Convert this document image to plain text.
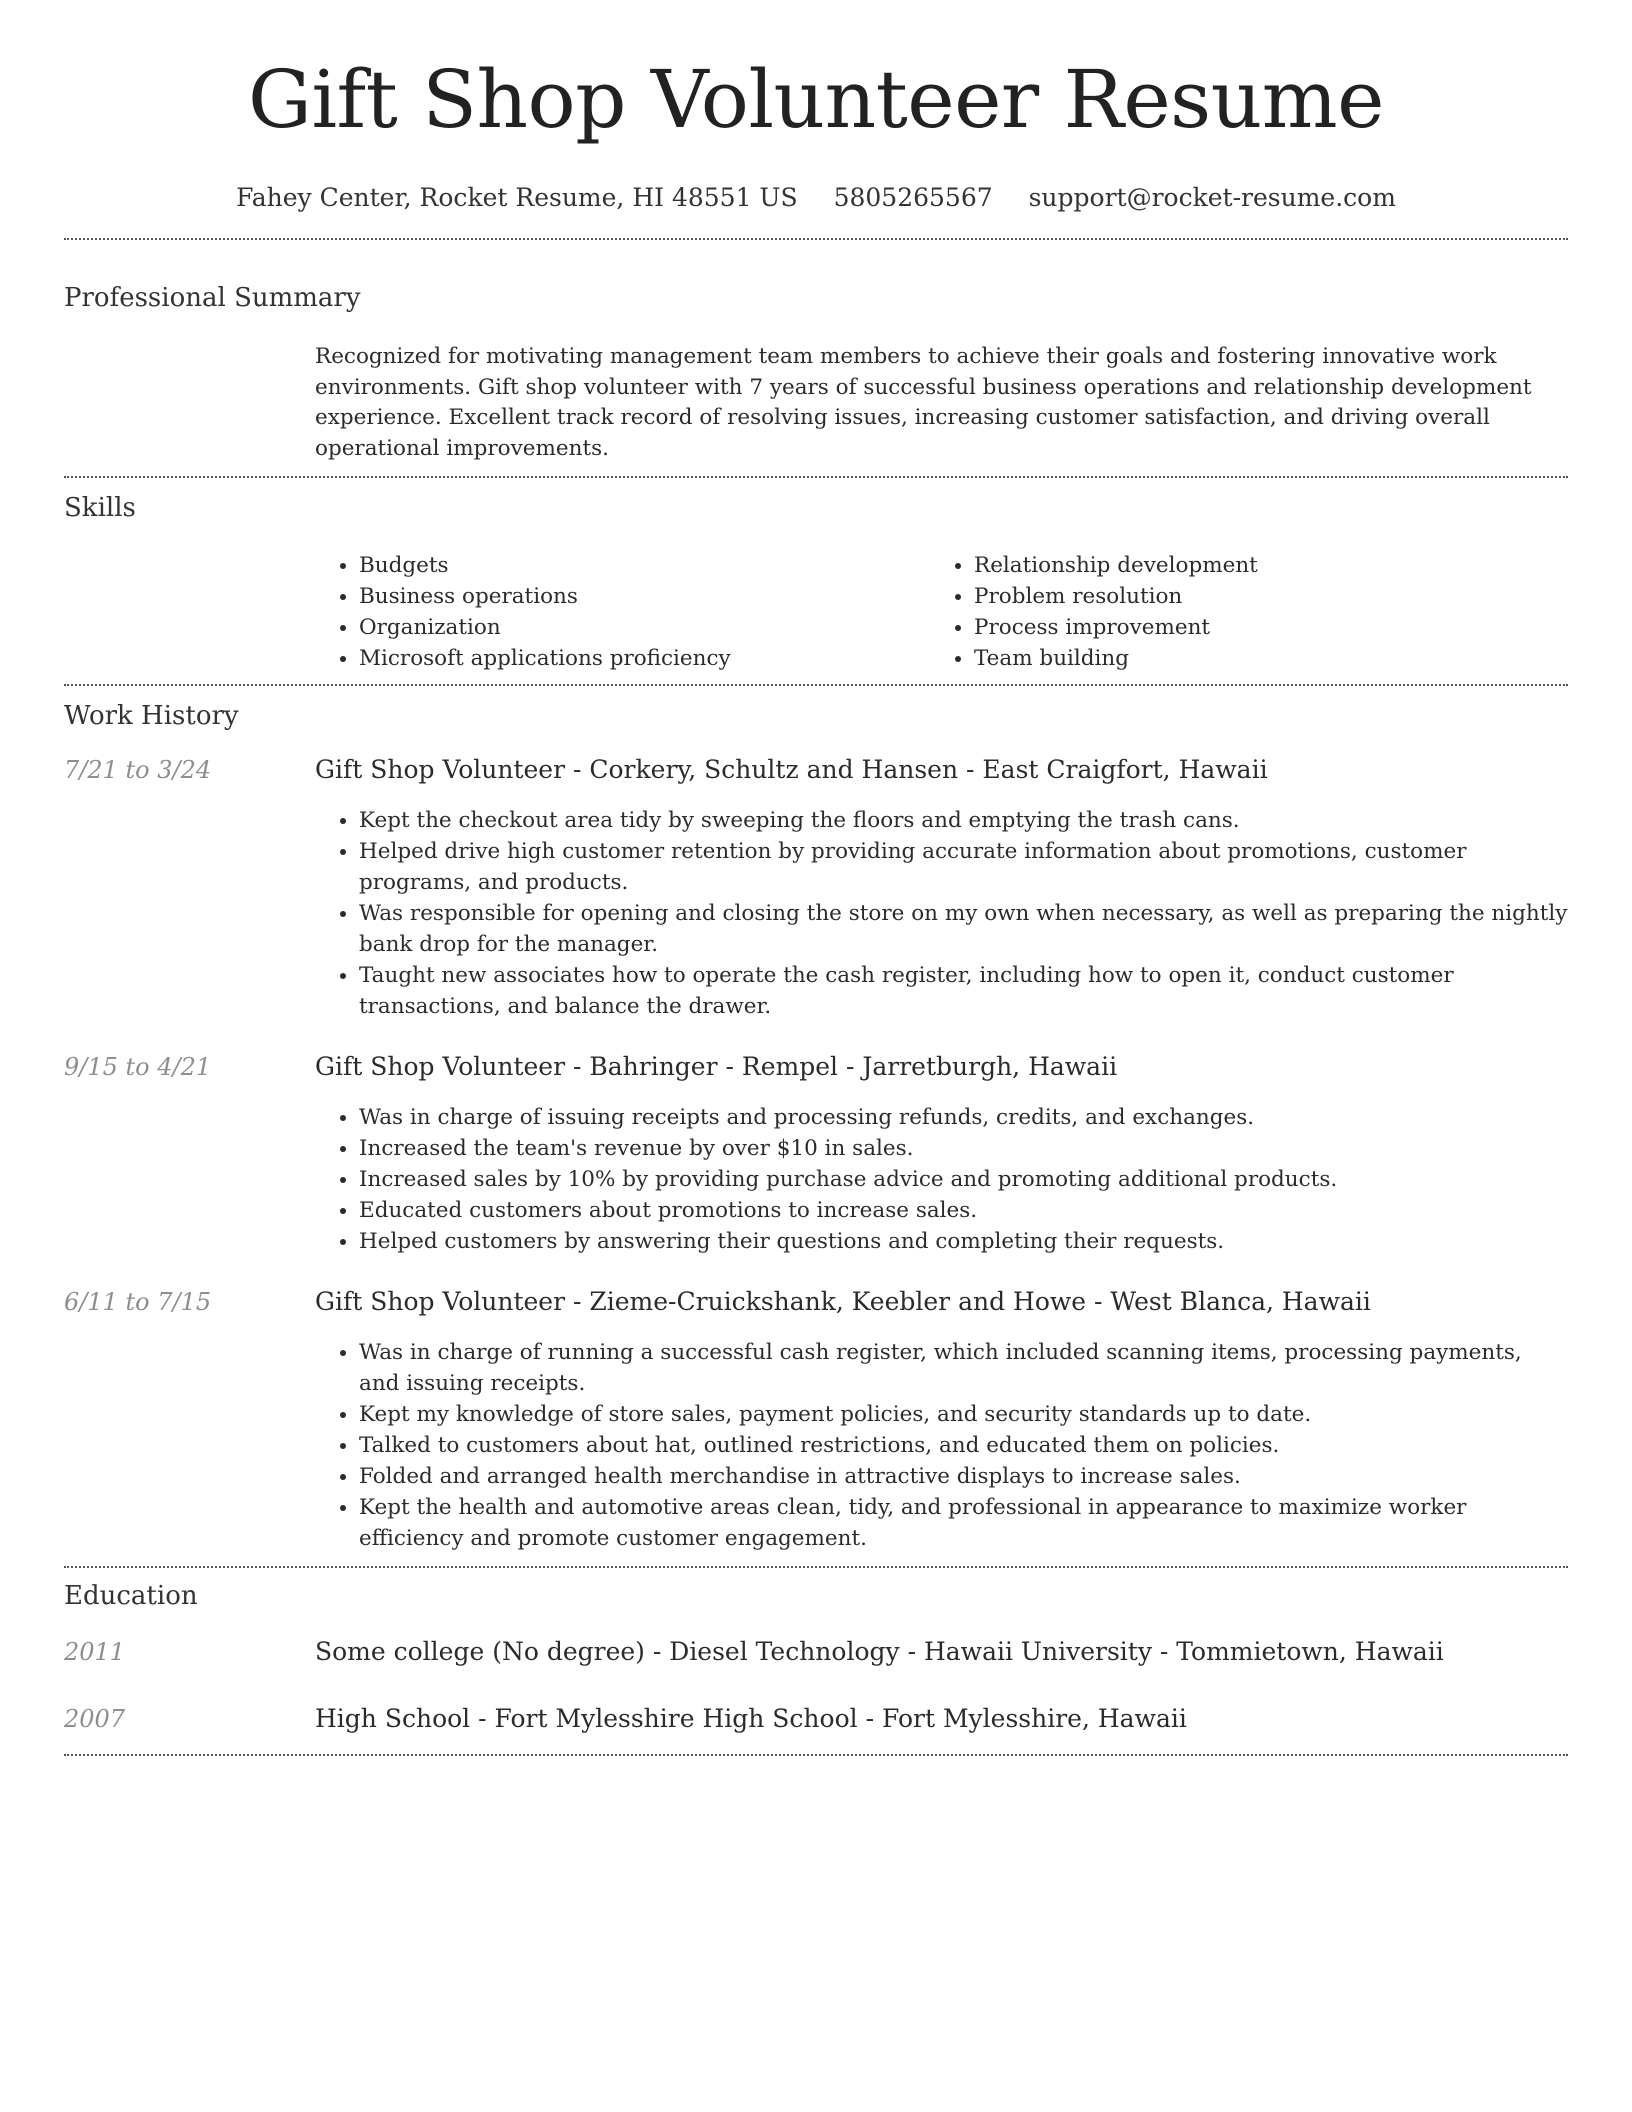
Gift Shop Volunteer Resume
Fahey Center, Rocket Resume, HI 48551 US 5805265567 support@rocket-resume.com
Professional Summary
Recognized for motivating management team members to achieve their goals and fostering innovative work environments. Gift shop volunteer with 7 years of successful business operations and relationship development experience. Excellent track record of resolving issues, increasing customer satisfaction, and driving overall operational improvements.
Skills
• Budgets
• Business operations
• Organization
• Microsoft applications proficiency
• Relationship development
• Problem resolution
• Process improvement
• Team building
Work History
7/21 to 3/24	Gift Shop Volunteer - Corkery, Schultz and Hansen - East Craigfort, Hawaii
• Kept the checkout area tidy by sweeping the floors and emptying the trash cans.
• Helped drive high customer retention by providing accurate information about promotions, customer programs, and products.
• Was responsible for opening and closing the store on my own when necessary, as well as preparing the nightly bank drop for the manager.
• Taught new associates how to operate the cash register, including how to open it, conduct customer transactions, and balance the drawer.
9/15 to 4/21	Gift Shop Volunteer - Bahringer - Rempel - Jarretburgh, Hawaii
• Was in charge of issuing receipts and processing refunds, credits, and exchanges.
• Increased the team's revenue by over $10 in sales.
• Increased sales by 10% by providing purchase advice and promoting additional products.
• Educated customers about promotions to increase sales.
• Helped customers by answering their questions and completing their requests.
6/11 to 7/15	Gift Shop Volunteer - Zieme-Cruickshank, Keebler and Howe - West Blanca, Hawaii
• Was in charge of running a successful cash register, which included scanning items, processing payments, and issuing receipts.
• Kept my knowledge of store sales, payment policies, and security standards up to date.
• Talked to customers about hat, outlined restrictions, and educated them on policies.
• Folded and arranged health merchandise in attractive displays to increase sales.
• Kept the health and automotive areas clean, tidy, and professional in appearance to maximize worker efficiency and promote customer engagement.
Education
2011	Some college (No degree) - Diesel Technology - Hawaii University - Tommietown, Hawaii
2007	High School - Fort Mylesshire High School - Fort Mylesshire, Hawaii
